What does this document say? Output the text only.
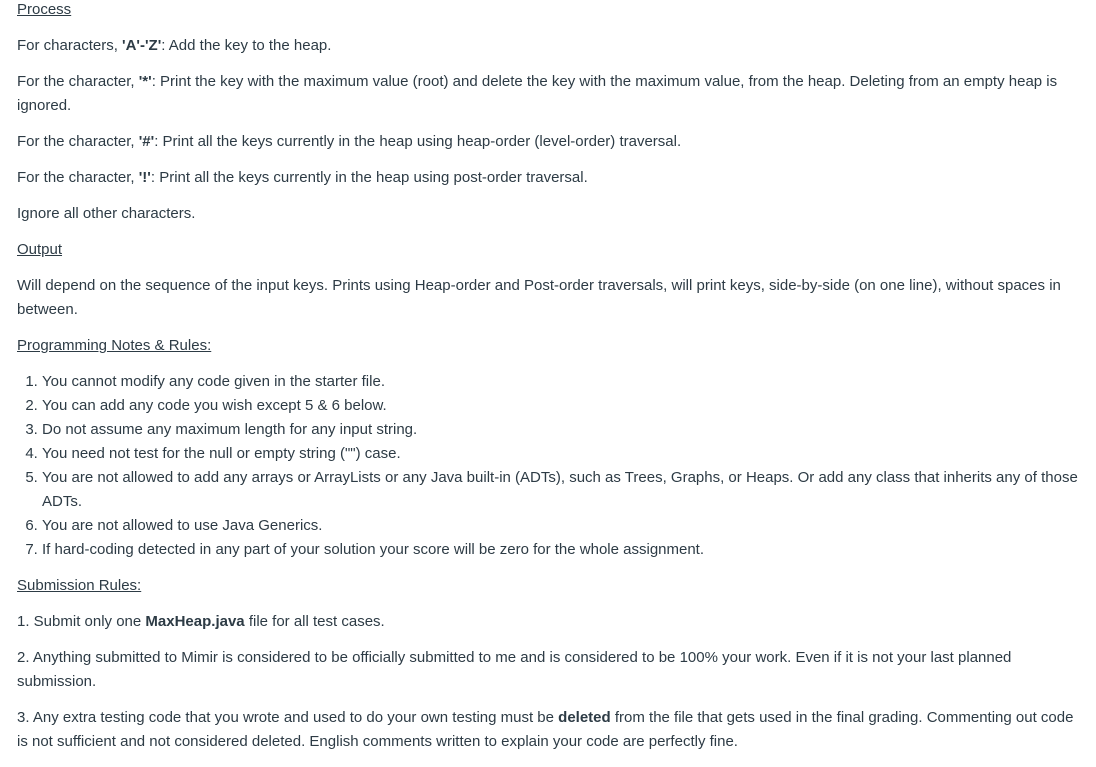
Process

For characters, 'A'-'Z': Add the key to the heap.

For the character, '*': Print the key with the maximum value (root) and delete the key with the maximum value, from the heap. Deleting from an empty heap is ignored.

For the character, '#': Print all the keys currently in the heap using heap-order (level-order) traversal.

For the character, '!': Print all the keys currently in the heap using post-order traversal.

Ignore all other characters.

Output

Will depend on the sequence of the input keys. Prints using Heap-order and Post-order traversals, will print keys, side-by-side (on one line), without spaces in between.

Programming Notes & Rules:

1. You cannot modify any code given in the starter file.
2. You can add any code you wish except 5 & 6 below.
3. Do not assume any maximum length for any input string.
4. You need not test for the null or empty string ("") case.
5. You are not allowed to add any arrays or ArrayLists or any Java built-in (ADTs), such as Trees, Graphs, or Heaps. Or add any class that inherits any of those ADTs.
6. You are not allowed to use Java Generics.
7. If hard-coding detected in any part of your solution your score will be zero for the whole assignment.

Submission Rules:

1. Submit only one MaxHeap.java file for all test cases.

2. Anything submitted to Mimir is considered to be officially submitted to me and is considered to be 100% your work. Even if it is not your last planned submission.

3. Any extra testing code that you wrote and used to do your own testing must be deleted from the file that gets used in the final grading. Commenting out code is not sufficient and not considered deleted. English comments written to explain your code are perfectly fine.
